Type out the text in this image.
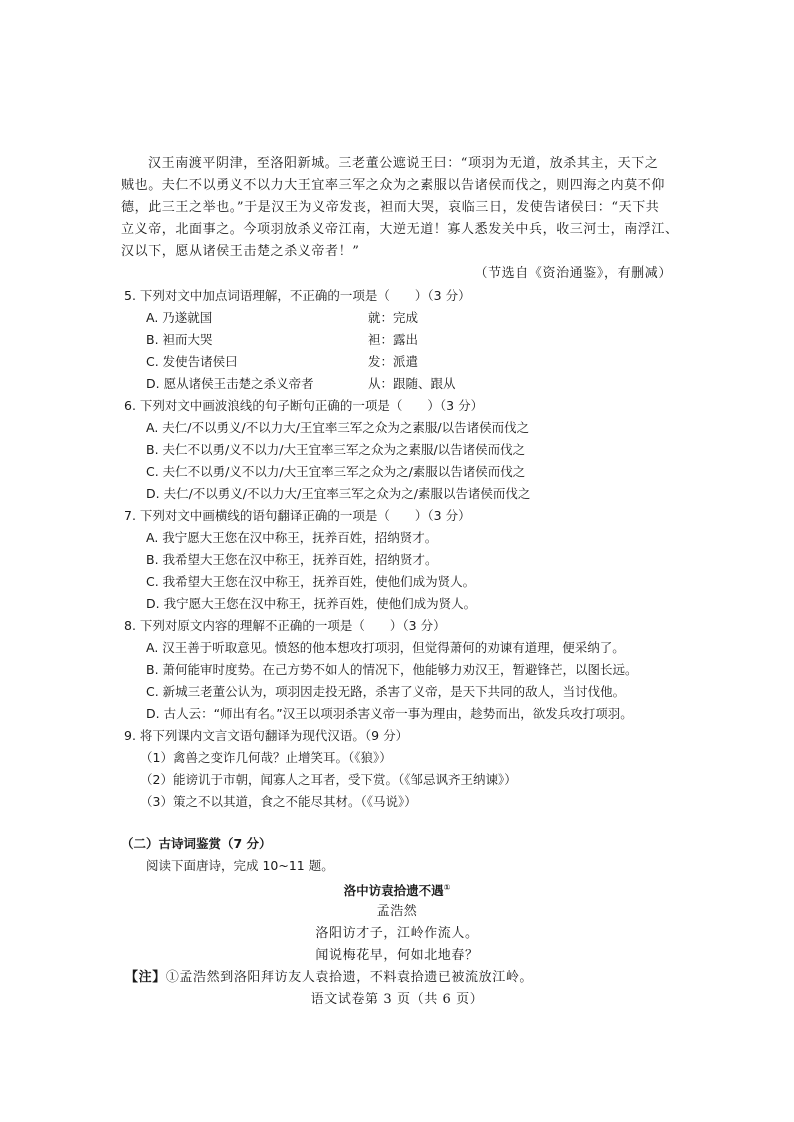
汉王南渡平阴津，至洛阳新城。三老董公遮说王曰：“项羽为无道，放杀其主，天下之
贼也。夫仁不以勇义不以力大王宜率三军之众为之素服以告诸侯而伐之，则四海之内莫不仰
德，此三王之举也。”于是汉王为义帝发丧，袒而大哭，哀临三日，发使告诸侯曰：“天下共
立义帝，北面事之。今项羽放杀义帝江南，大逆无道！寡人悉发关中兵，收三河士，南浮江、
汉以下，愿从诸侯王击楚之杀义帝者！”
（节选自《资治通鉴》，有删减）
5. 下列对文中加点词语理解，不正确的一项是（　　）（3 分）
A. 乃遂就国	就：完成
B. 袒而大哭	袒：露出
C. 发使告诸侯曰	发：派遣
D. 愿从诸侯王击楚之杀义帝者	从：跟随、跟从
6. 下列对文中画波浪线的句子断句正确的一项是（　　）（3 分）
A. 夫仁/不以勇义/不以力大/王宜率三军之众为之素服/以告诸侯而伐之
B. 夫仁不以勇/义不以力/大王宜率三军之众为之素服/以告诸侯而伐之
C. 夫仁不以勇/义不以力/大王宜率三军之众为之/素服以告诸侯而伐之
D. 夫仁/不以勇义/不以力大/王宜率三军之众为之/素服以告诸侯而伐之
7. 下列对文中画横线的语句翻译正确的一项是（　　）（3 分）
A. 我宁愿大王您在汉中称王，抚养百姓，招纳贤才。
B. 我希望大王您在汉中称王，抚养百姓，招纳贤才。
C. 我希望大王您在汉中称王，抚养百姓，使他们成为贤人。
D. 我宁愿大王您在汉中称王，抚养百姓，使他们成为贤人。
8. 下列对原文内容的理解不正确的一项是（　　）（3 分）
A. 汉王善于听取意见。愤怒的他本想攻打项羽，但觉得萧何的劝谏有道理，便采纳了。
B. 萧何能审时度势。在己方势不如人的情况下，他能够力劝汉王，暂避锋芒，以图长远。
C. 新城三老董公认为，项羽因走投无路，杀害了义帝，是天下共同的敌人，当讨伐他。
D. 古人云：“师出有名。”汉王以项羽杀害义帝一事为理由，趁势而出，欲发兵攻打项羽。
9. 将下列课内文言文语句翻译为现代汉语。（9 分）
（1）禽兽之变诈几何哉？止增笑耳。（《狼》）
（2）能谤讥于市朝，闻寡人之耳者，受下赏。（《邹忌讽齐王纳谏》）
（3）策之不以其道，食之不能尽其材。（《马说》）
（二）古诗词鉴赏（7 分）
阅读下面唐诗，完成 10~11 题。
洛中访袁拾遗不遇①
孟浩然
洛阳访才子，江岭作流人。
闻说梅花早，何如北地春？
【注】①孟浩然到洛阳拜访友人袁拾遗，不料袁拾遗已被流放江岭。
语文试卷第 3 页（共 6 页）
